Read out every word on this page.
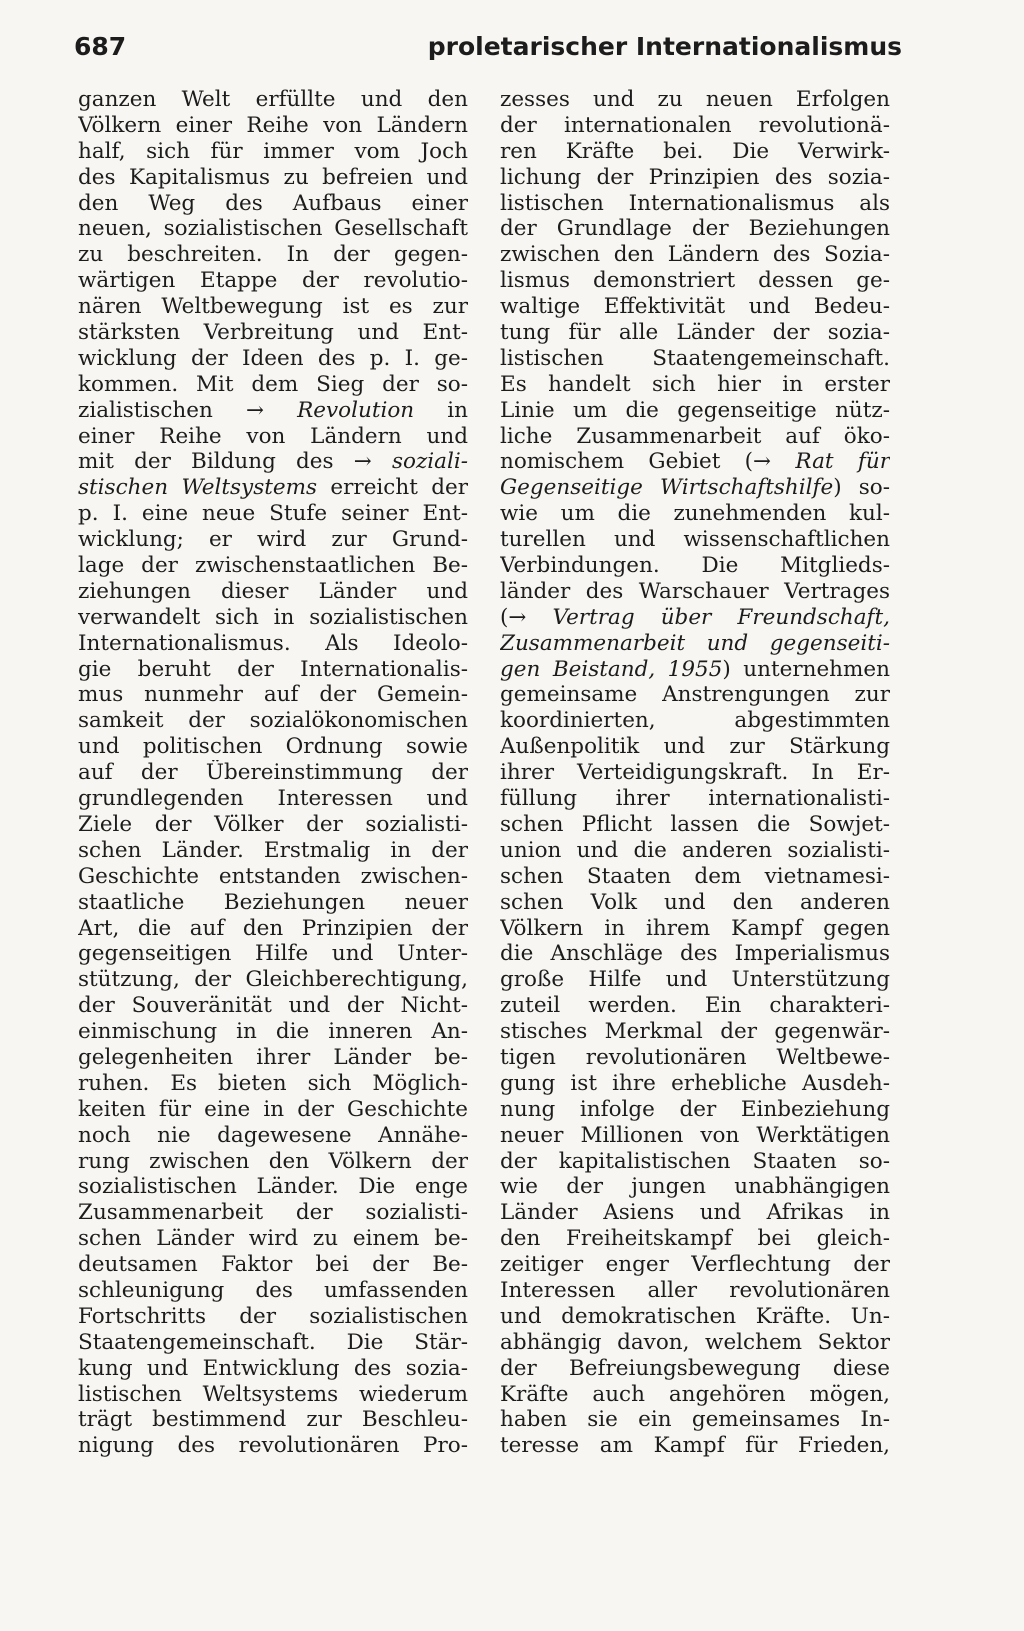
687	proletarischer Internationalismus
ganzen Welt erfüllte und den
Völkern einer Reihe von Ländern
half, sich für immer vom Joch
des Kapitalismus zu befreien und
den Weg des Aufbaus einer
neuen, sozialistischen Gesellschaft
zu beschreiten. In der gegen-
wärtigen Etappe der revolutio-
nären Weltbewegung ist es zur
stärksten Verbreitung und Ent-
wicklung der Ideen des p. I. ge-
kommen. Mit dem Sieg der so-
zialistischen → Revolution in
einer Reihe von Ländern und
mit der Bildung des → soziali-
stischen Weltsystems erreicht der
p. I. eine neue Stufe seiner Ent-
wicklung; er wird zur Grund-
lage der zwischenstaatlichen Be-
ziehungen dieser Länder und
verwandelt sich in sozialistischen
Internationalismus. Als Ideolo-
gie beruht der Internationalis-
mus nunmehr auf der Gemein-
samkeit der sozialökonomischen
und politischen Ordnung sowie
auf der Übereinstimmung der
grundlegenden Interessen und
Ziele der Völker der sozialisti-
schen Länder. Erstmalig in der
Geschichte entstanden zwischen-
staatliche Beziehungen neuer
Art, die auf den Prinzipien der
gegenseitigen Hilfe und Unter-
stützung, der Gleichberechtigung,
der Souveränität und der Nicht-
einmischung in die inneren An-
gelegenheiten ihrer Länder be-
ruhen. Es bieten sich Möglich-
keiten für eine in der Geschichte
noch nie dagewesene Annähe-
rung zwischen den Völkern der
sozialistischen Länder. Die enge
Zusammenarbeit der sozialisti-
schen Länder wird zu einem be-
deutsamen Faktor bei der Be-
schleunigung des umfassenden
Fortschritts der sozialistischen
Staatengemeinschaft. Die Stär-
kung und Entwicklung des sozia-
listischen Weltsystems wiederum
trägt bestimmend zur Beschleu-
nigung des revolutionären Pro-
zesses und zu neuen Erfolgen
der internationalen revolutionä-
ren Kräfte bei. Die Verwirk-
lichung der Prinzipien des sozia-
listischen Internationalismus als
der Grundlage der Beziehungen
zwischen den Ländern des Sozia-
lismus demonstriert dessen ge-
waltige Effektivität und Bedeu-
tung für alle Länder der sozia-
listischen Staatengemeinschaft.
Es handelt sich hier in erster
Linie um die gegenseitige nütz-
liche Zusammenarbeit auf öko-
nomischem Gebiet (→ Rat für
Gegenseitige Wirtschaftshilfe) so-
wie um die zunehmenden kul-
turellen und wissenschaftlichen
Verbindungen. Die Mitglieds-
länder des Warschauer Vertrages
(→ Vertrag über Freundschaft,
Zusammenarbeit und gegenseiti-
gen Beistand, 1955) unternehmen
gemeinsame Anstrengungen zur
koordinierten, abgestimmten
Außenpolitik und zur Stärkung
ihrer Verteidigungskraft. In Er-
füllung ihrer internationalisti-
schen Pflicht lassen die Sowjet-
union und die anderen sozialisti-
schen Staaten dem vietnamesi-
schen Volk und den anderen
Völkern in ihrem Kampf gegen
die Anschläge des Imperialismus
große Hilfe und Unterstützung
zuteil werden. Ein charakteri-
stisches Merkmal der gegenwär-
tigen revolutionären Weltbewe-
gung ist ihre erhebliche Ausdeh-
nung infolge der Einbeziehung
neuer Millionen von Werktätigen
der kapitalistischen Staaten so-
wie der jungen unabhängigen
Länder Asiens und Afrikas in
den Freiheitskampf bei gleich-
zeitiger enger Verflechtung der
Interessen aller revolutionären
und demokratischen Kräfte. Un-
abhängig davon, welchem Sektor
der Befreiungsbewegung diese
Kräfte auch angehören mögen,
haben sie ein gemeinsames In-
teresse am Kampf für Frieden,
